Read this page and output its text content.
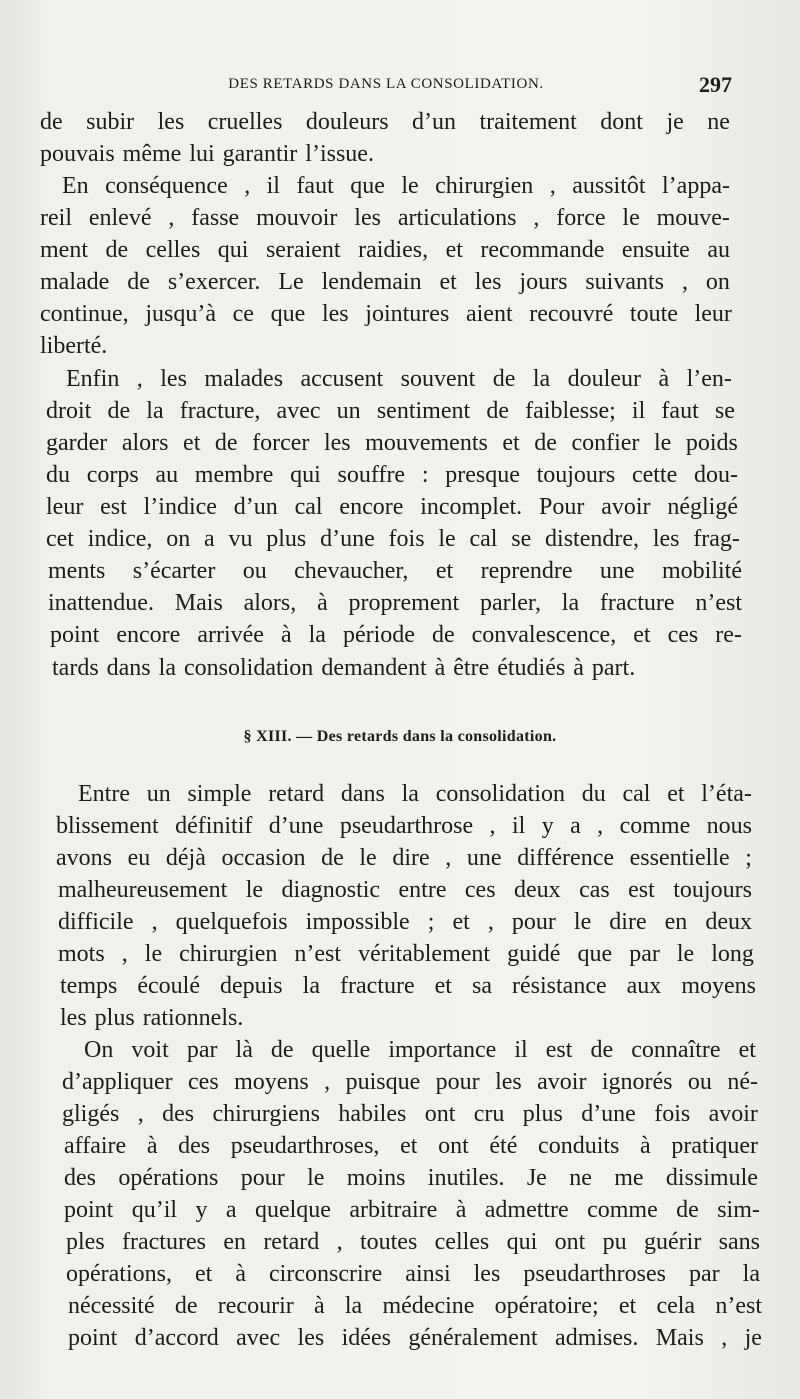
DES RETARDS DANS LA CONSOLIDATION.	297
de subir les cruelles douleurs d’un traitement dont je ne
pouvais même lui garantir l’issue.
En conséquence , il faut que le chirurgien , aussitôt l’appa-
reil enlevé , fasse mouvoir les articulations , force le mouve-
ment de celles qui seraient raidies, et recommande ensuite au
malade de s’exercer. Le lendemain et les jours suivants , on
continue, jusqu’à ce que les jointures aient recouvré toute leur
liberté.
Enfin , les malades accusent souvent de la douleur à l’en-
droit de la fracture, avec un sentiment de faiblesse; il faut se
garder alors et de forcer les mouvements et de confier le poids
du corps au membre qui souffre : presque toujours cette dou-
leur est l’indice d’un cal encore incomplet. Pour avoir négligé
cet indice, on a vu plus d’une fois le cal se distendre, les frag-
ments s’écarter ou chevaucher, et reprendre une mobilité
inattendue. Mais alors, à proprement parler, la fracture n’est
point encore arrivée à la période de convalescence, et ces re-
tards dans la consolidation demandent à être étudiés à part.
Entre un simple retard dans la consolidation du cal et l’éta-
blissement définitif d’une pseudarthrose , il y a , comme nous
avons eu déjà occasion de le dire , une différence essentielle ;
malheureusement le diagnostic entre ces deux cas est toujours
difficile , quelquefois impossible ; et , pour le dire en deux
mots , le chirurgien n’est véritablement guidé que par le long
temps écoulé depuis la fracture et sa résistance aux moyens
les plus rationnels.
On voit par là de quelle importance il est de connaître et
d’appliquer ces moyens , puisque pour les avoir ignorés ou né-
gligés , des chirurgiens habiles ont cru plus d’une fois avoir
affaire à des pseudarthroses, et ont été conduits à pratiquer
des opérations pour le moins inutiles. Je ne me dissimule
point qu’il y a quelque arbitraire à admettre comme de sim-
ples fractures en retard , toutes celles qui ont pu guérir sans
opérations, et à circonscrire ainsi les pseudarthroses par la
nécessité de recourir à la médecine opératoire; et cela n’est
point d’accord avec les idées généralement admises. Mais , je
§ XIII. — Des retards dans la consolidation.
